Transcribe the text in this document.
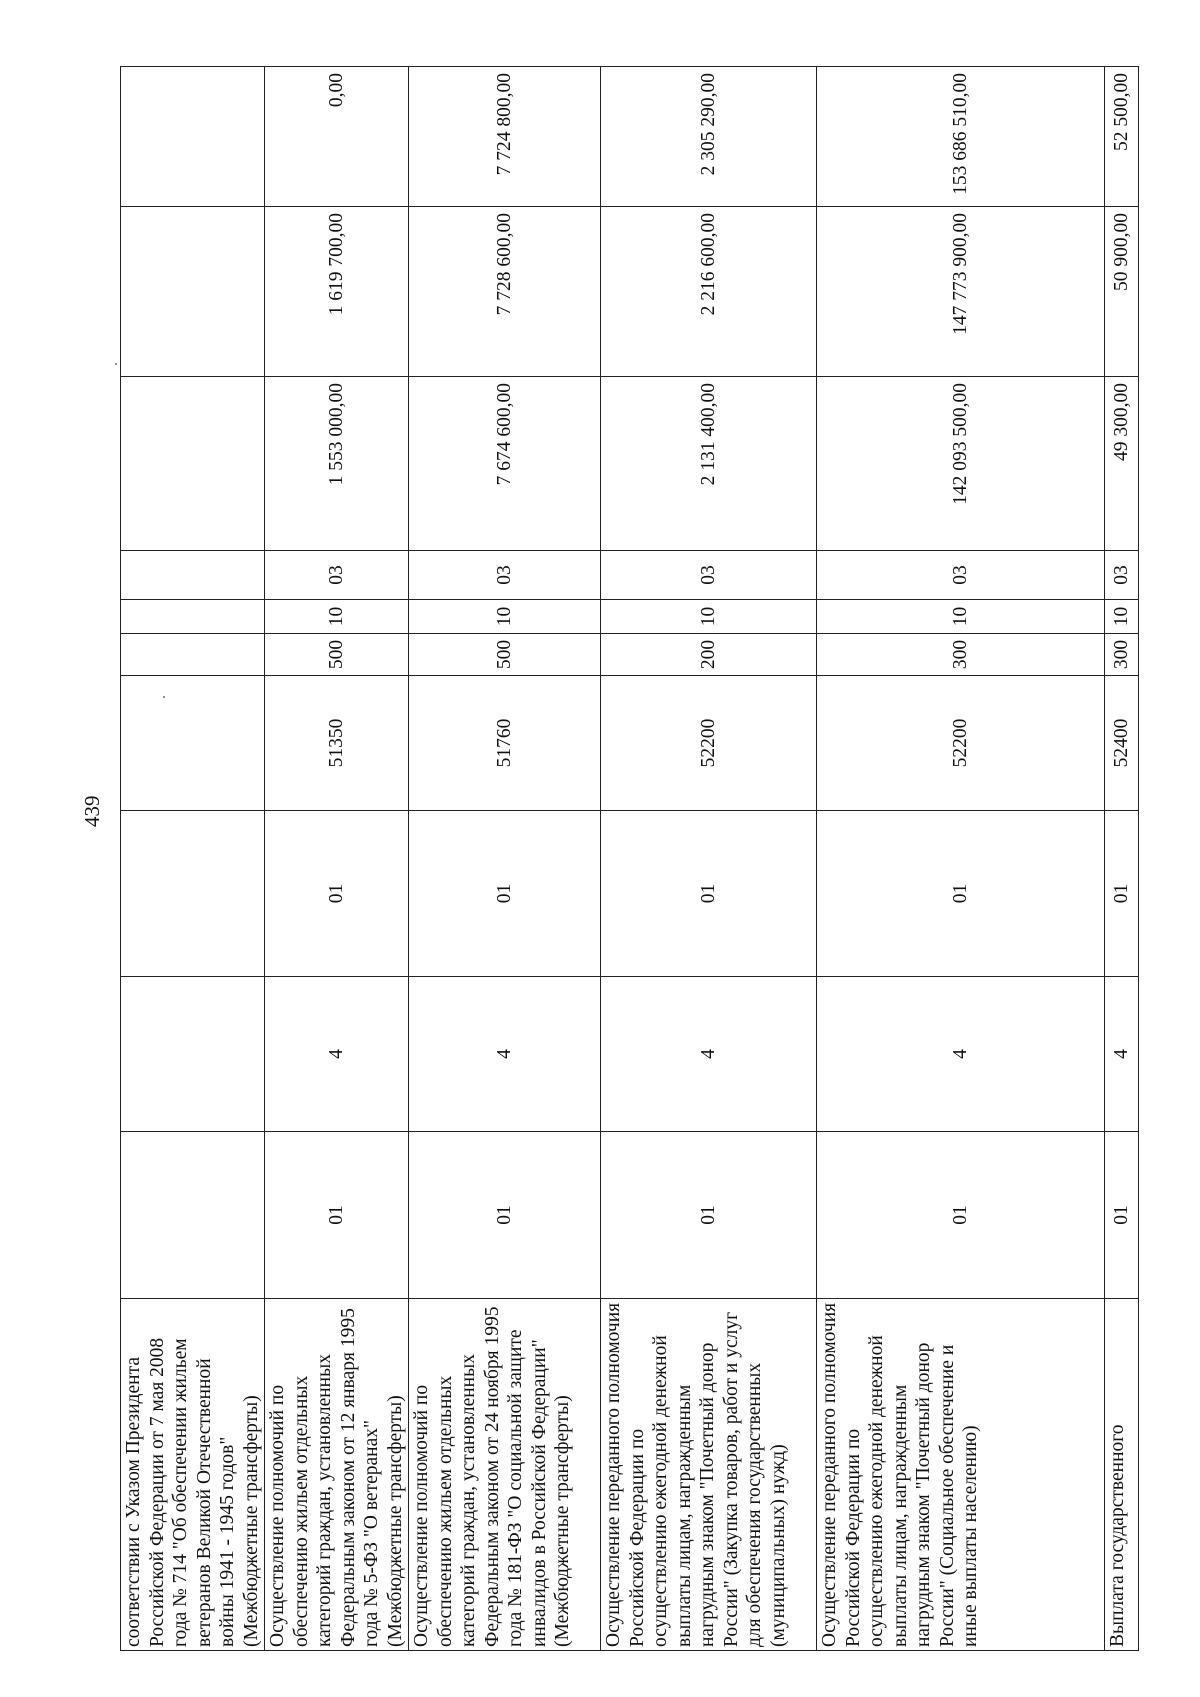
439
соответствии с Указом Президента Российской Федерации от 7 мая 2008 года № 714 "Об обеспечении жильем ветеранов Великой Отечественной войны 1941 - 1945 годов" (Межбюджетные трансферты)										
Осуществление полномочий по обеспечению жильем отдельных категорий граждан, установленных Федеральным законом от 12 января 1995 года № 5-ФЗ "О ветеранах" (Межбюджетные трансферты)	01	4	01	51350	500	10	03	1 553 000,00	1 619 700,00	0,00
Осуществление полномочий по обеспечению жильем отдельных категорий граждан, установленных Федеральным законом от 24 ноября 1995 года № 181-ФЗ "О социальной защите инвалидов в Российской Федерации" (Межбюджетные трансферты)	01	4	01	51760	500	10	03	7 674 600,00	7 728 600,00	7 724 800,00
Осуществление переданного полномочия Российской Федерации по осуществлению ежегодной денежной выплаты лицам, награжденным нагрудным знаком "Почетный донор России" (Закупка товаров, работ и услуг для обеспечения государственных (муниципальных) нужд)	01	4	01	52200	200	10	03	2 131 400,00	2 216 600,00	2 305 290,00
Осуществление переданного полномочия Российской Федерации по осуществлению ежегодной денежной выплаты лицам, награжденным нагрудным знаком "Почетный донор России" (Социальное обеспечение и иные выплаты населению)	01	4	01	52200	300	10	03	142 093 500,00	147 773 900,00	153 686 510,00
Выплата государственного	01	4	01	52400	300	10	03	49 300,00	50 900,00	52 500,00
